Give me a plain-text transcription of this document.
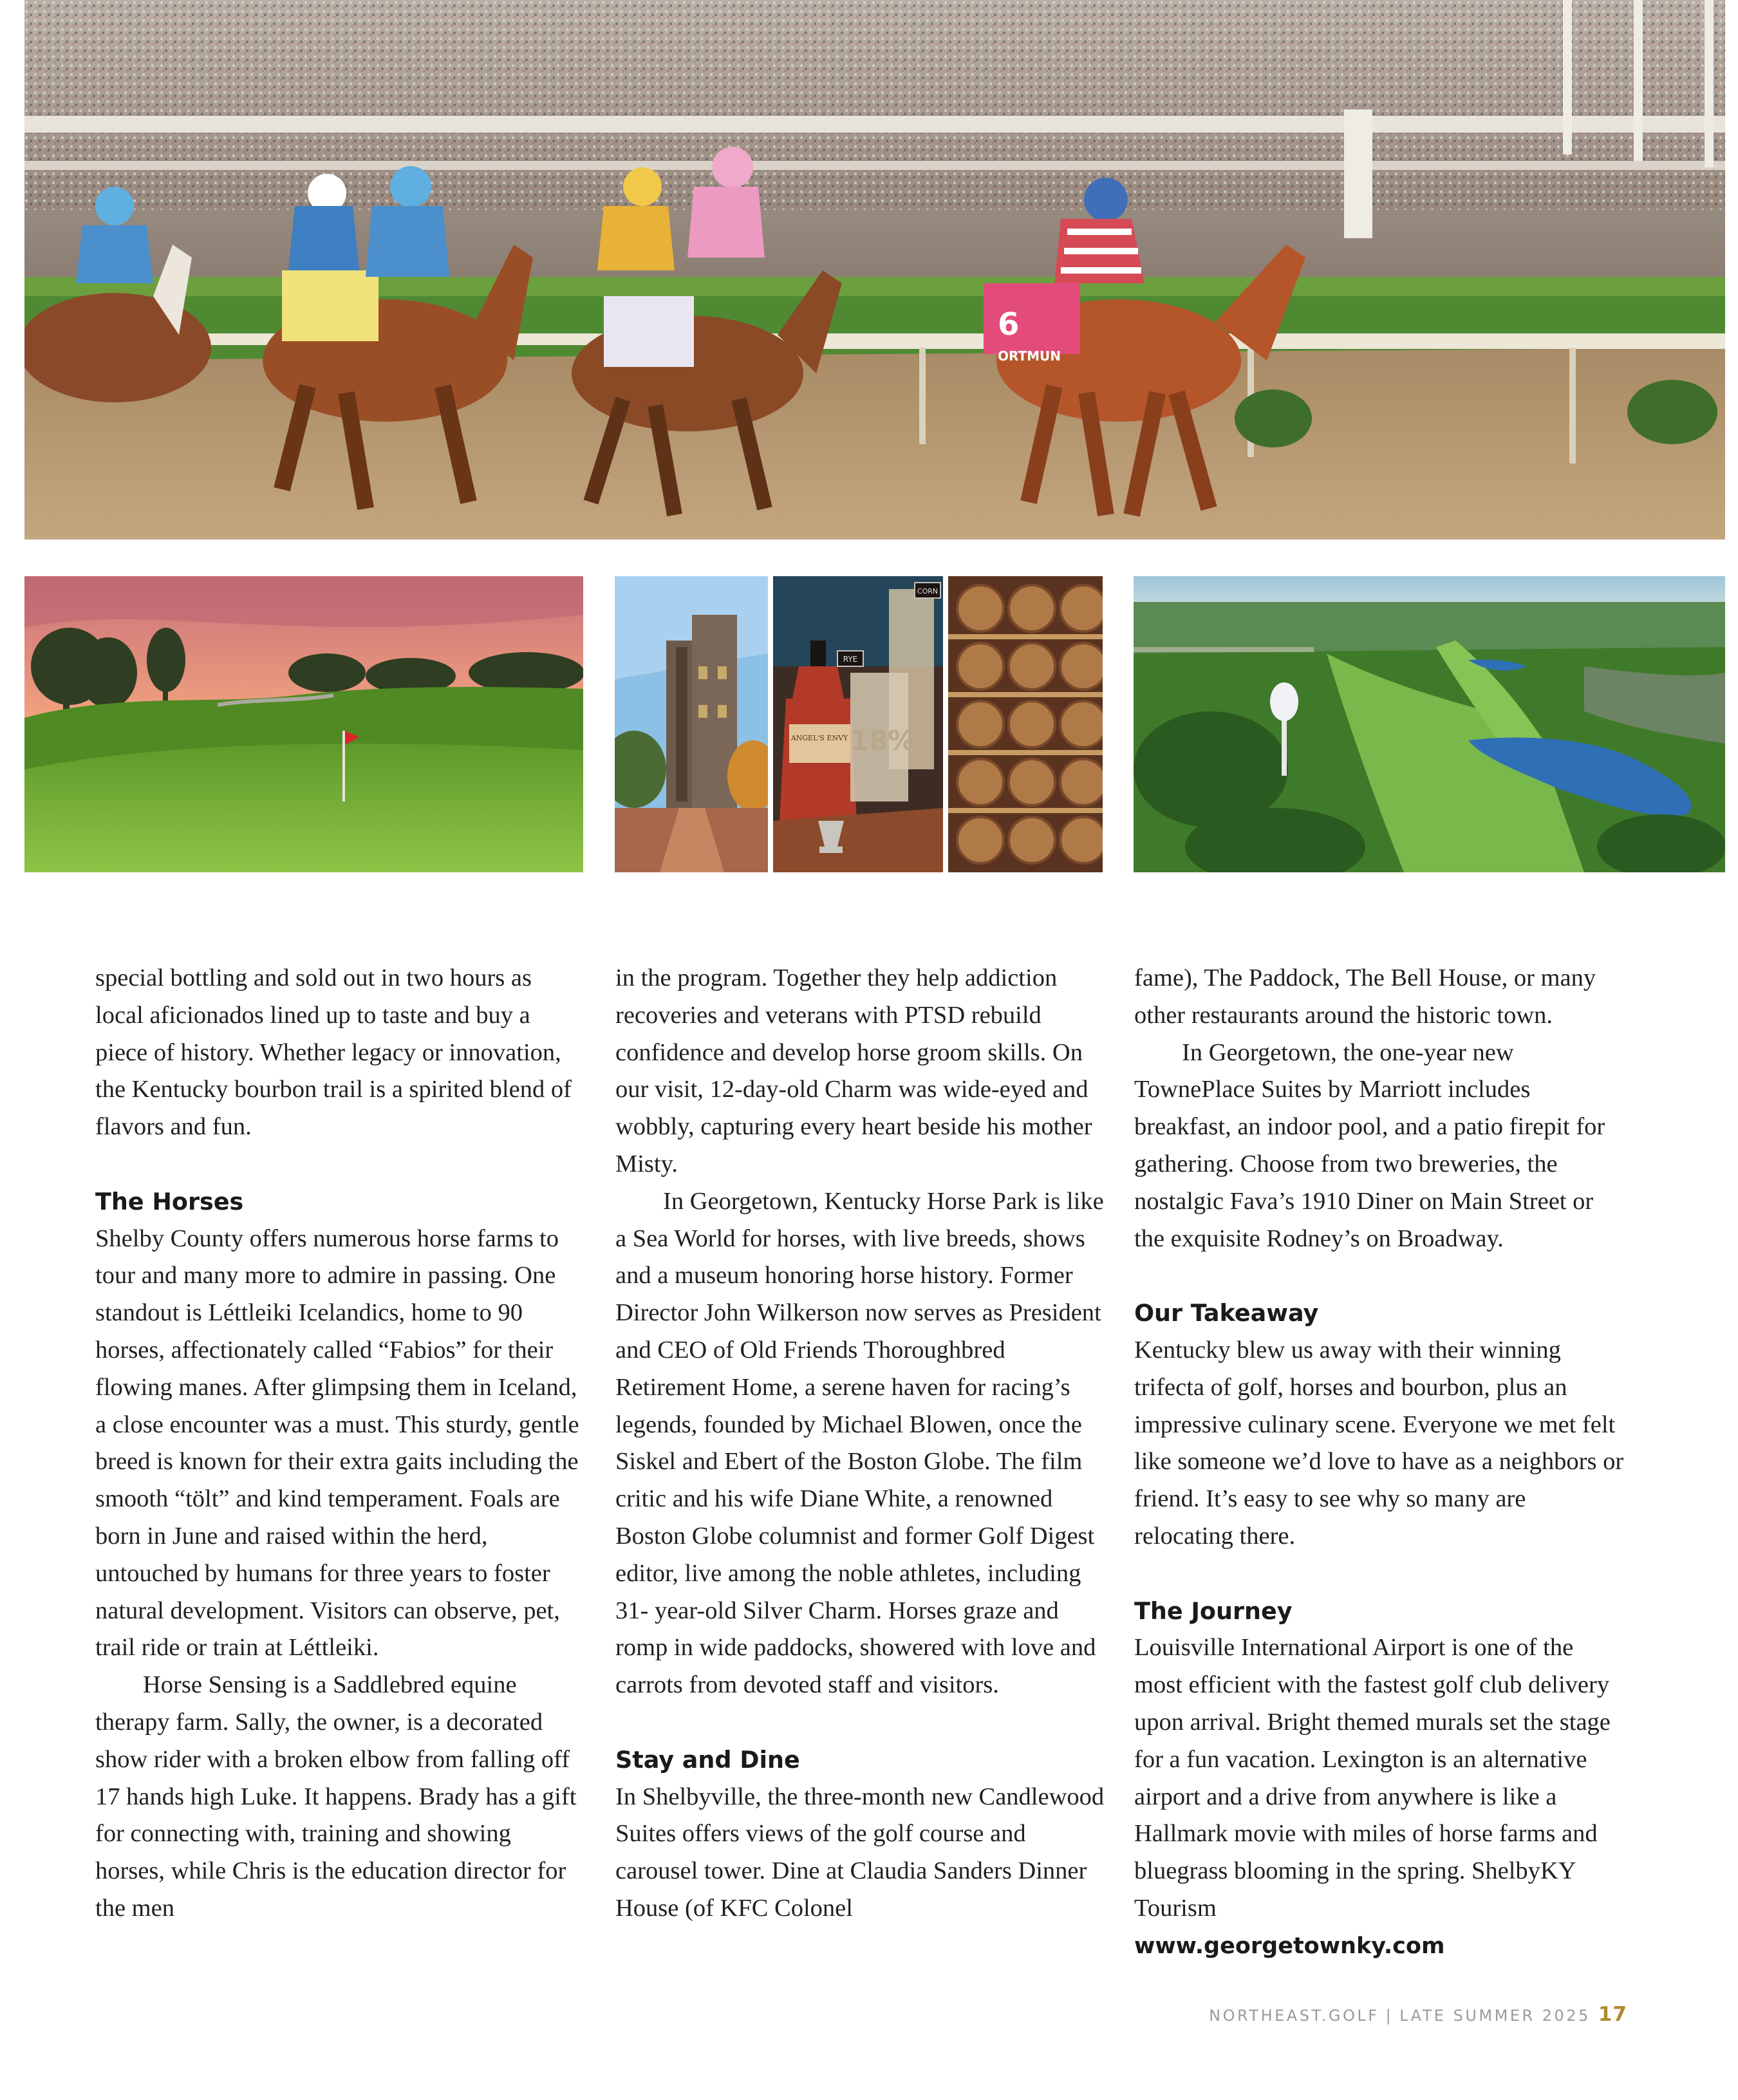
6
ORTMUN
ANGEL'S ENVY
RYE
CORN
18%

special bottling and sold out in two hours as local aficionados lined up to taste and buy a piece of history. Whether legacy or innovation, the Kentucky bourbon trail is a spirited blend of flavors and fun.

The Horses

Shelby County offers numerous horse farms to tour and many more to admire in passing. One standout is Léttleiki Icelandics, home to 90 horses, affectionately called “Fabios” for their flowing manes. After glimpsing them in Iceland, a close encounter was a must. This sturdy, gentle breed is known for their extra gaits including the smooth “tölt” and kind temperament. Foals are born in June and raised within the herd, untouched by humans for three years to foster natural development. Visitors can observe, pet, trail ride or train at Léttleiki.

Horse Sensing is a Saddlebred equine therapy farm. Sally, the owner, is a decorated show rider with a broken elbow from falling off 17 hands high Luke. It happens. Brady has a gift for connecting with, training and showing horses, while Chris is the education director for the men

in the program. Together they help addiction recoveries and veterans with PTSD rebuild confidence and develop horse groom skills. On our visit, 12-day-old Charm was wide-eyed and wobbly, capturing every heart beside his mother Misty.

In Georgetown, Kentucky Horse Park is like a Sea World for horses, with live breeds, shows and a museum honoring horse history. Former Director John Wilkerson now serves as President and CEO of Old Friends Thoroughbred Retirement Home, a serene haven for racing’s legends, founded by Michael Blowen, once the Siskel and Ebert of the Boston Globe. The film critic and his wife Diane White, a renowned Boston Globe columnist and former Golf Digest editor, live among the noble athletes, including 31- year-old Silver Charm. Horses graze and romp in wide paddocks, showered with love and carrots from devoted staff and visitors.

Stay and Dine

In Shelbyville, the three-month new Candlewood Suites offers views of the golf course and carousel tower. Dine at Claudia Sanders Dinner House (of KFC Colonel

fame), The Paddock, The Bell House, or many other restaurants around the historic town.

In Georgetown, the one-year new TownePlace Suites by Marriott includes breakfast, an indoor pool, and a patio firepit for gathering. Choose from two breweries, the nostalgic Fava’s 1910 Diner on Main Street or the exquisite Rodney’s on Broadway.

Our Takeaway

Kentucky blew us away with their winning trifecta of golf, horses and bourbon, plus an impressive culinary scene. Everyone we met felt like someone we’d love to have as a neighbors or friend. It’s easy to see why so many are relocating there.

The Journey

Louisville International Airport is one of the most efficient with the fastest golf club delivery upon arrival. Bright themed murals set the stage for a fun vacation. Lexington is an alternative airport and a drive from anywhere is like a Hallmark movie with miles of horse farms and bluegrass blooming in the spring. ShelbyKY Tourism

www.georgetownky.com

NORTHEAST.GOLF | LATE SUMMER 2025 17
